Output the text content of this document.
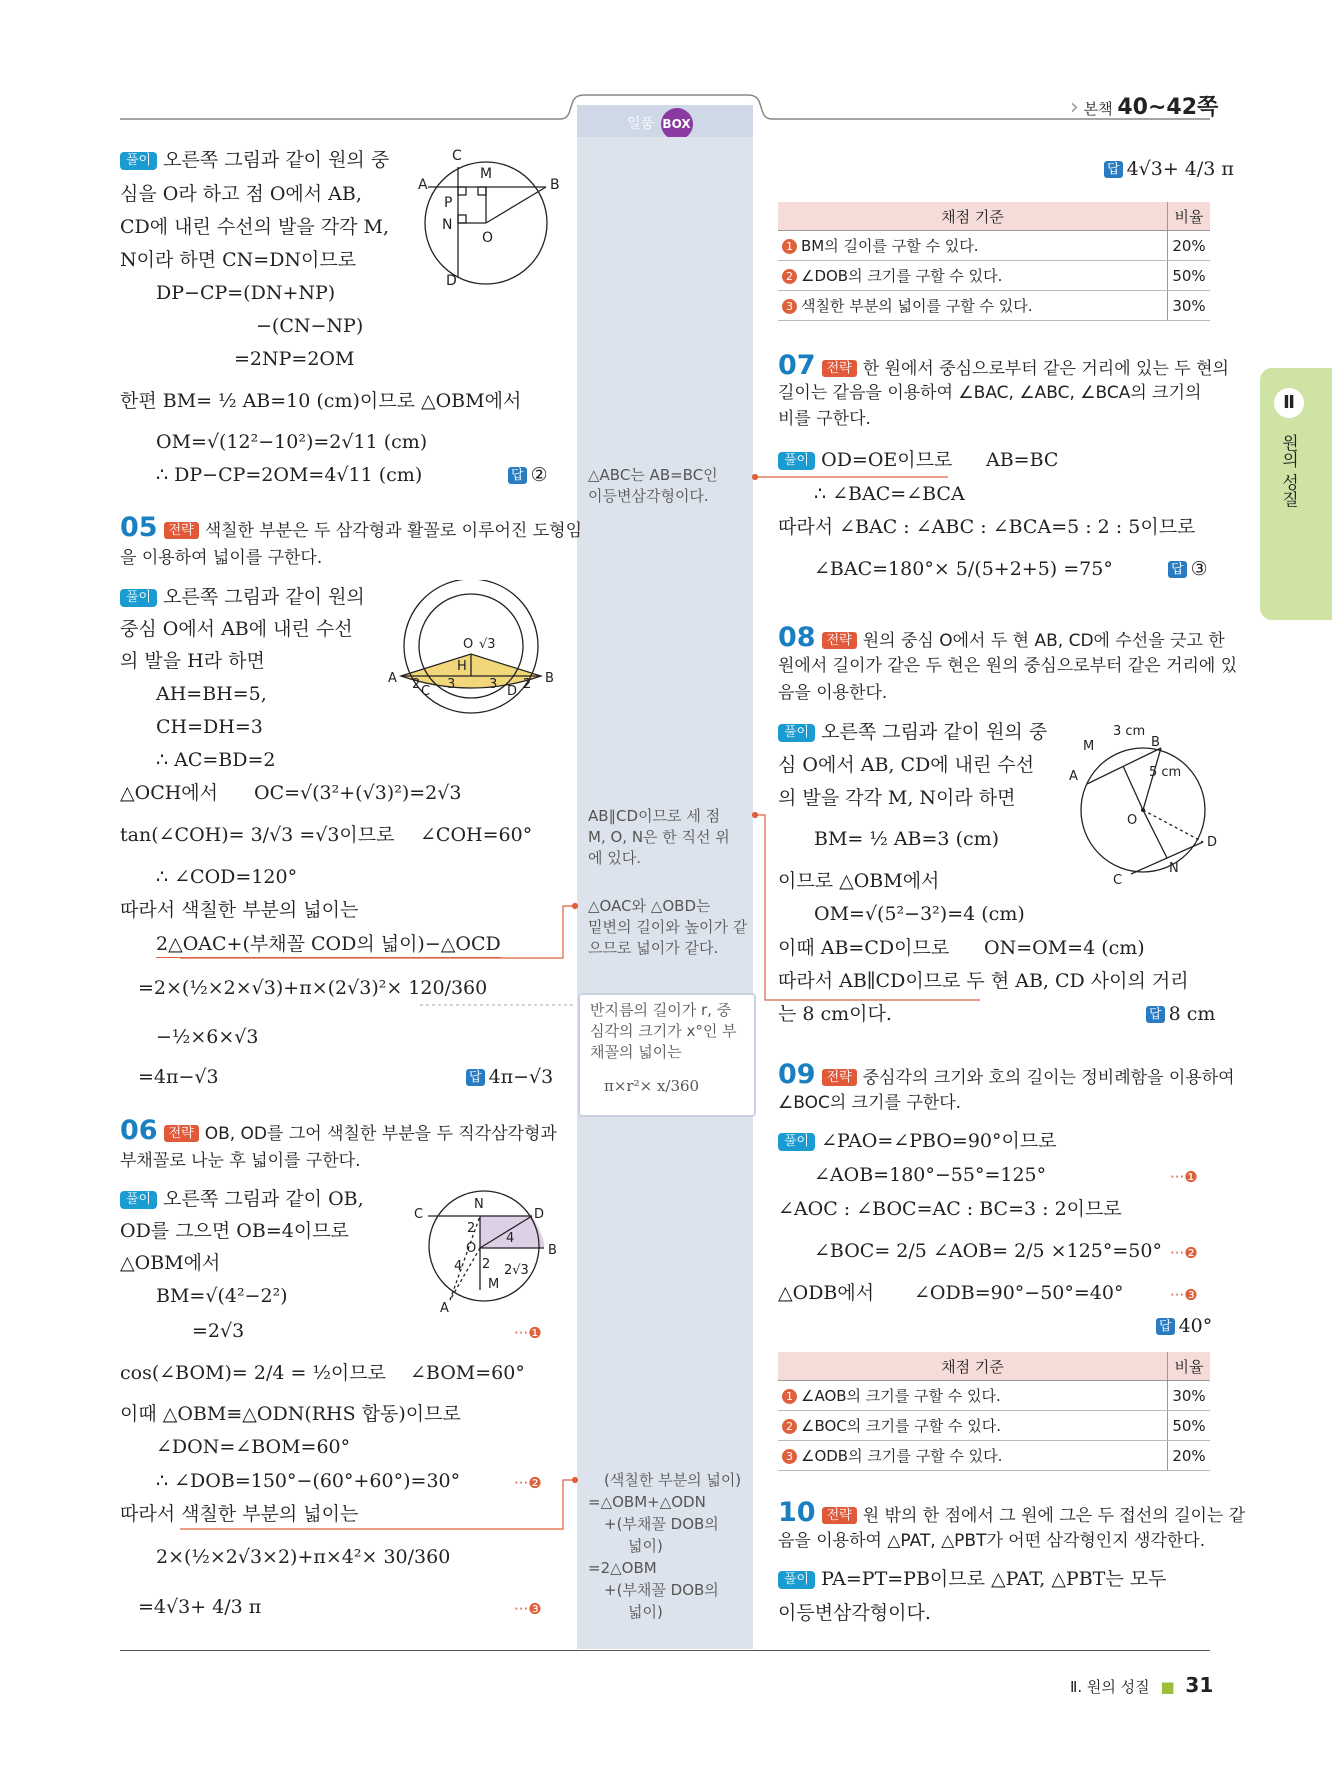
일품 BOX
› 본책 40~42쪽
Ⅱ
원의 성질
풀이 오른쪽 그림과 같이 원의 중
심을 O라 하고 점 O에서 AB,
CD에 내린 수선의 발을 각각 M,
N이라 하면 CN=DN이므로
DP−CP=(DN+NP)
−(CN−NP)
=2NP=2OM
한편 BM= ½ AB=10 (cm)이므로 △OBM에서
OM=√(12²−10²)=2√11 (cm)
∴ DP−CP=2OM=4√11 (cm)	답 ②
05 전략 색칠한 부분은 두 삼각형과 활꼴로 이루어진 도형임
을 이용하여 넓이를 구한다.
풀이 오른쪽 그림과 같이 원의
중심 O에서 AB에 내린 수선
의 발을 H라 하면
AH=BH=5,
CH=DH=3
∴ AC=BD=2
△OCH에서 OC=√(3²+(√3)²)=2√3
tan(∠COH)= 3/√3 =√3이므로 ∠COH=60°
∴ ∠COD=120°
따라서 색칠한 부분의 넓이는
2△OAC+(부채꼴 COD의 넓이)−△OCD
=2×(½×2×√3)+π×(2√3)²× 120/360
−½×6×√3
=4π−√3	답 4π−√3
06 전략 OB, OD를 그어 색칠한 부분을 두 직각삼각형과
부채꼴로 나눈 후 넓이를 구한다.
풀이 오른쪽 그림과 같이 OB,
OD를 그으면 OB=4이므로
△OBM에서
BM=√(4²−2²)
=2√3	···❶
cos(∠BOM)= 2/4 = ½이므로 ∠BOM=60°
이때 △OBM≡△ODN(RHS 합동)이므로
∠DON=∠BOM=60°
∴ ∠DOB=150°−(60°+60°)=30°	···❷
따라서 색칠한 부분의 넓이는
2×(½×2√3×2)+π×4²× 30/360
=4√3+ 4/3 π	···❸
△ABC는 AB=BC인
이등변삼각형이다.
AB∥CD이므로 세 점
M, O, N은 한 직선 위
에 있다.
△OAC와 △OBD는
밑변의 길이와 높이가 같
으므로 넓이가 같다.
반지름의 길이가 r, 중
심각의 크기가 x°인 부
채꼴의 넓이는
π×r²× x/360
(색칠한 부분의 넓이)
=△OBM+△ODN
+(부채꼴 DOB의
넓이)
=2△OBM
+(부채꼴 DOB의
넓이)
답 4√3+ 4/3 π
채점 기준	비율
1 BM의 길이를 구할 수 있다.	20%
2 ∠DOB의 크기를 구할 수 있다.	50%
3 색칠한 부분의 넓이를 구할 수 있다.	30%
07 전략 한 원에서 중심으로부터 같은 거리에 있는 두 현의
길이는 같음을 이용하여 ∠BAC, ∠ABC, ∠BCA의 크기의
비를 구한다.
풀이 OD=OE이므로 AB=BC
∴ ∠BAC=∠BCA
따라서 ∠BAC : ∠ABC : ∠BCA=5 : 2 : 5이므로
∠BAC=180°× 5/(5+2+5) =75°	답 ③
08 전략 원의 중심 O에서 두 현 AB, CD에 수선을 긋고 한
원에서 길이가 같은 두 현은 원의 중심으로부터 같은 거리에 있
음을 이용한다.
풀이 오른쪽 그림과 같이 원의 중
심 O에서 AB, CD에 내린 수선
의 발을 각각 M, N이라 하면
BM= ½ AB=3 (cm)
이므로 △OBM에서
OM=√(5²−3²)=4 (cm)
이때 AB=CD이므로 ON=OM=4 (cm)
따라서 AB∥CD이므로 두 현 AB, CD 사이의 거리
는 8 cm이다.	답 8 cm
09 전략 중심각의 크기와 호의 길이는 정비례함을 이용하여
∠BOC의 크기를 구한다.
풀이 ∠PAO=∠PBO=90°이므로
∠AOB=180°−55°=125°	···❶
∠AOC : ∠BOC=AC : BC=3 : 2이므로
∠BOC= 2/5 ∠AOB= 2/5 ×125°=50° ···❷
△ODB에서 ∠ODB=90°−50°=40°	···❸
답 40°
채점 기준	비율
1 ∠AOB의 크기를 구할 수 있다.	30%
2 ∠BOC의 크기를 구할 수 있다.	50%
3 ∠ODB의 크기를 구할 수 있다.	20%
10 전략 원 밖의 한 점에서 그 원에 그은 두 접선의 길이는 같
음을 이용하여 △PAT, △PBT가 어떤 삼각형인지 생각한다.
풀이 PA=PT=PB이므로 △PAT, △PBT는 모두
이등변삼각형이다.
C
A	B
M
P
N
O
D
O √3
H
A	B
C	D
2 3	3 2
C
N
D
O	B
M
A
2
4
4 2 2√3
3 cm
B
M
A	5 cm
O
D
N
C
Ⅱ. 원의 성질 ■ 31
